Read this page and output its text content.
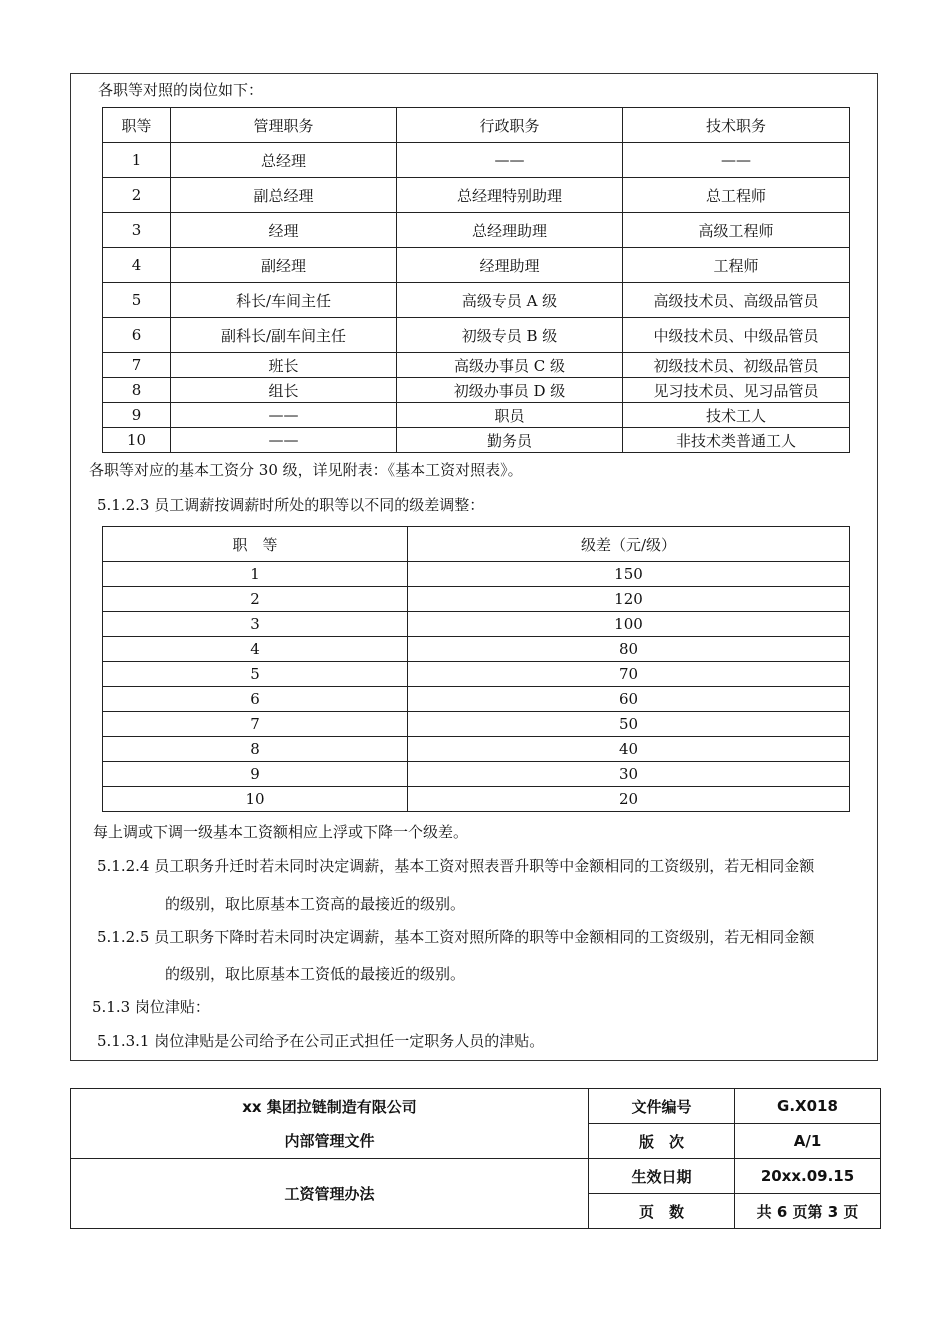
各职等对照的岗位如下：
职等	管理职务	行政职务	技术职务
1	总经理	——	——
2	副总经理	总经理特别助理	总工程师
3	经理	总经理助理	高级工程师
4	副经理	经理助理	工程师
5	科长/车间主任	高级专员 A 级	高级技术员、高级品管员
6	副科长/副车间主任	初级专员 B 级	中级技术员、中级品管员
7	班长	高级办事员 C 级	初级技术员、初级品管员
8	组长	初级办事员 D 级	见习技术员、见习品管员
9	——	职员	技术工人
10	——	勤务员	非技术类普通工人
各职等对应的基本工资分 30 级，详见附表：《基本工资对照表》。
5.1.2.3 员工调薪按调薪时所处的职等以不同的级差调整：
职　等	级差（元/级）
1	150
2	120
3	100
4	80
5	70
6	60
7	50
8	40
9	30
10	20
每上调或下调一级基本工资额相应上浮或下降一个级差。
5.1.2.4 员工职务升迁时若未同时决定调薪，基本工资对照表晋升职等中金额相同的工资级别，若无相同金额
的级别，取比原基本工资高的最接近的级别。
5.1.2.5 员工职务下降时若未同时决定调薪，基本工资对照所降的职等中金额相同的工资级别，若无相同金额
的级别，取比原基本工资低的最接近的级别。
5.1.3 岗位津贴：
5.1.3.1 岗位津贴是公司给予在公司正式担任一定职务人员的津贴。
xx 集团拉链制造有限公司	文件编号	G.X018
内部管理文件	版　次	A/1
工资管理办法	生效日期	20xx.09.15
	页　数	共 6 页第 3 页
